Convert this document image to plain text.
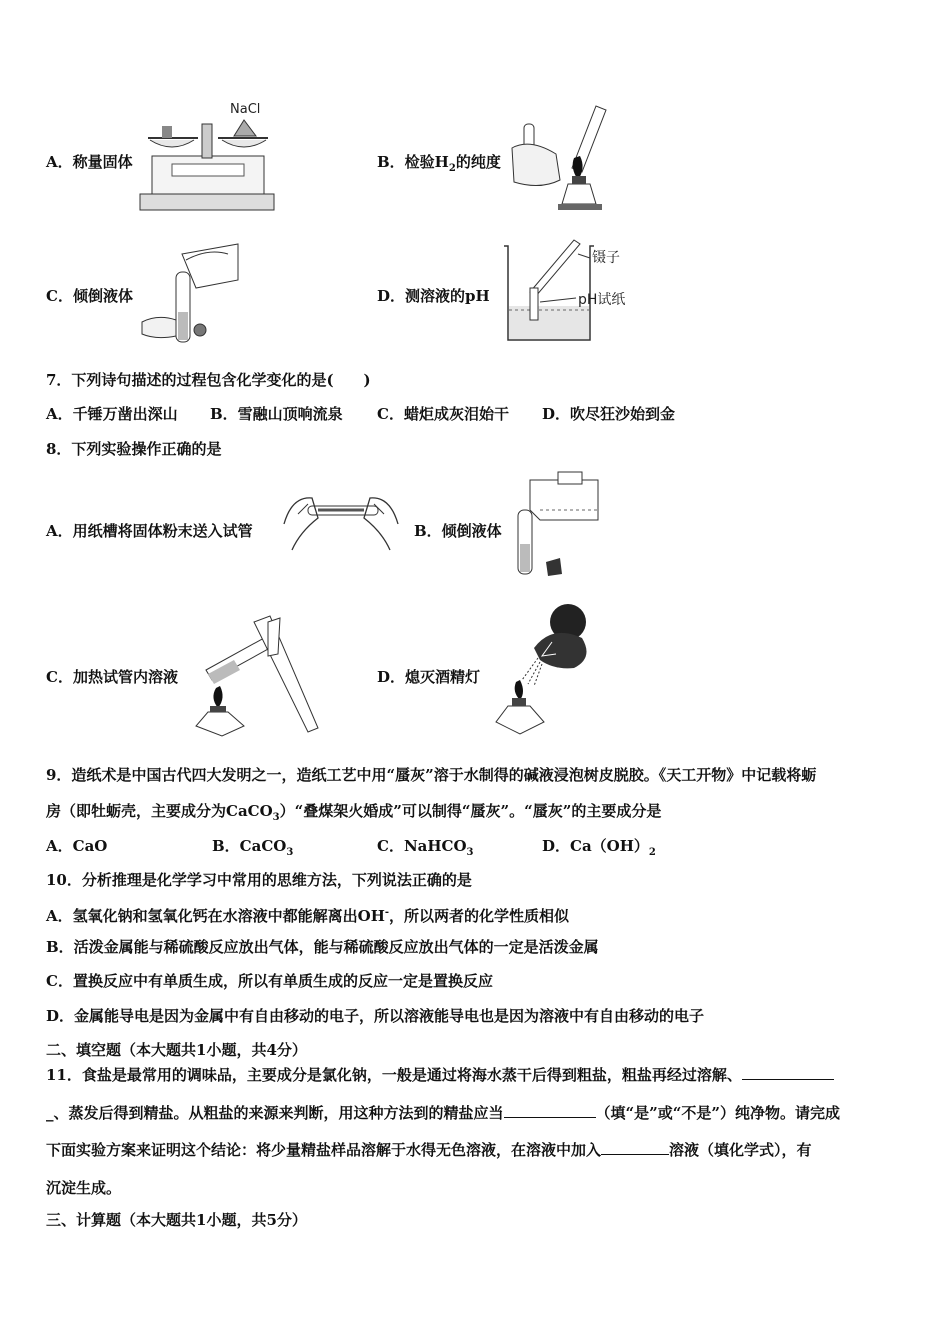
A．称量固体
NaCl
B．检验$H_2$的纯度
C．倾倒液体	D．测溶液的pH
镊子
pH试纸
7．下列诗句描述的过程包含化学变化的是(　　)
A．千锤万凿出深山 B．雪融山顶响流泉 C．蜡炬成灰泪始干 D．吹尽狂沙始到金
8．下列实验操作正确的是
A．用纸槽将固体粉末送入试管	B．倾倒液体
C．加热试管内溶液	D．熄灭酒精灯
9．造纸术是中国古代四大发明之一，造纸工艺中用“蜃灰”溶于水制得的碱液浸泡树皮脱胶。《天工开物》中记载将蛎
房（即牡蛎壳，主要成分为CaCO$_3$）“叠煤架火婚成”可以制得“蜃灰”。“蜃灰”的主要成分是
A．CaO	B．CaCO$_3$	C．NaHCO$_3$	D．$Ca(OH)_2$
10．分析推理是化学学习中常用的思维方法，下列说法正确的是
A．氢氧化钠和氢氧化钙在水溶液中都能解离出OH-，所以两者的化学性质相似
B．活泼金属能与稀硫酸反应放出气体，能与稀硫酸反应放出气体的一定是活泼金属
C．置换反应中有单质生成，所以有单质生成的反应一定是置换反应
D．金属能导电是因为金属中有自由移动的电子，所以溶液能导电也是因为溶液中有自由移动的电子
二、填空题（本大题共1小题，共4分）
11．食盐是最常用的调味品，主要成分是氯化钠，一般是通过将海水蒸干后得到粗盐，粗盐再经过溶解、
_、蒸发后得到精盐。从粗盐的来源来判断，用这种方法到的精盐应当	（填“是”或“不是”）纯净物。请完成
下面实验方案来证明这个结论：将少量精盐样品溶解于水得无色溶液，在溶液中加入	溶液（填化学式），有
沉淀生成。
三、计算题（本大题共1小题，共5分）
